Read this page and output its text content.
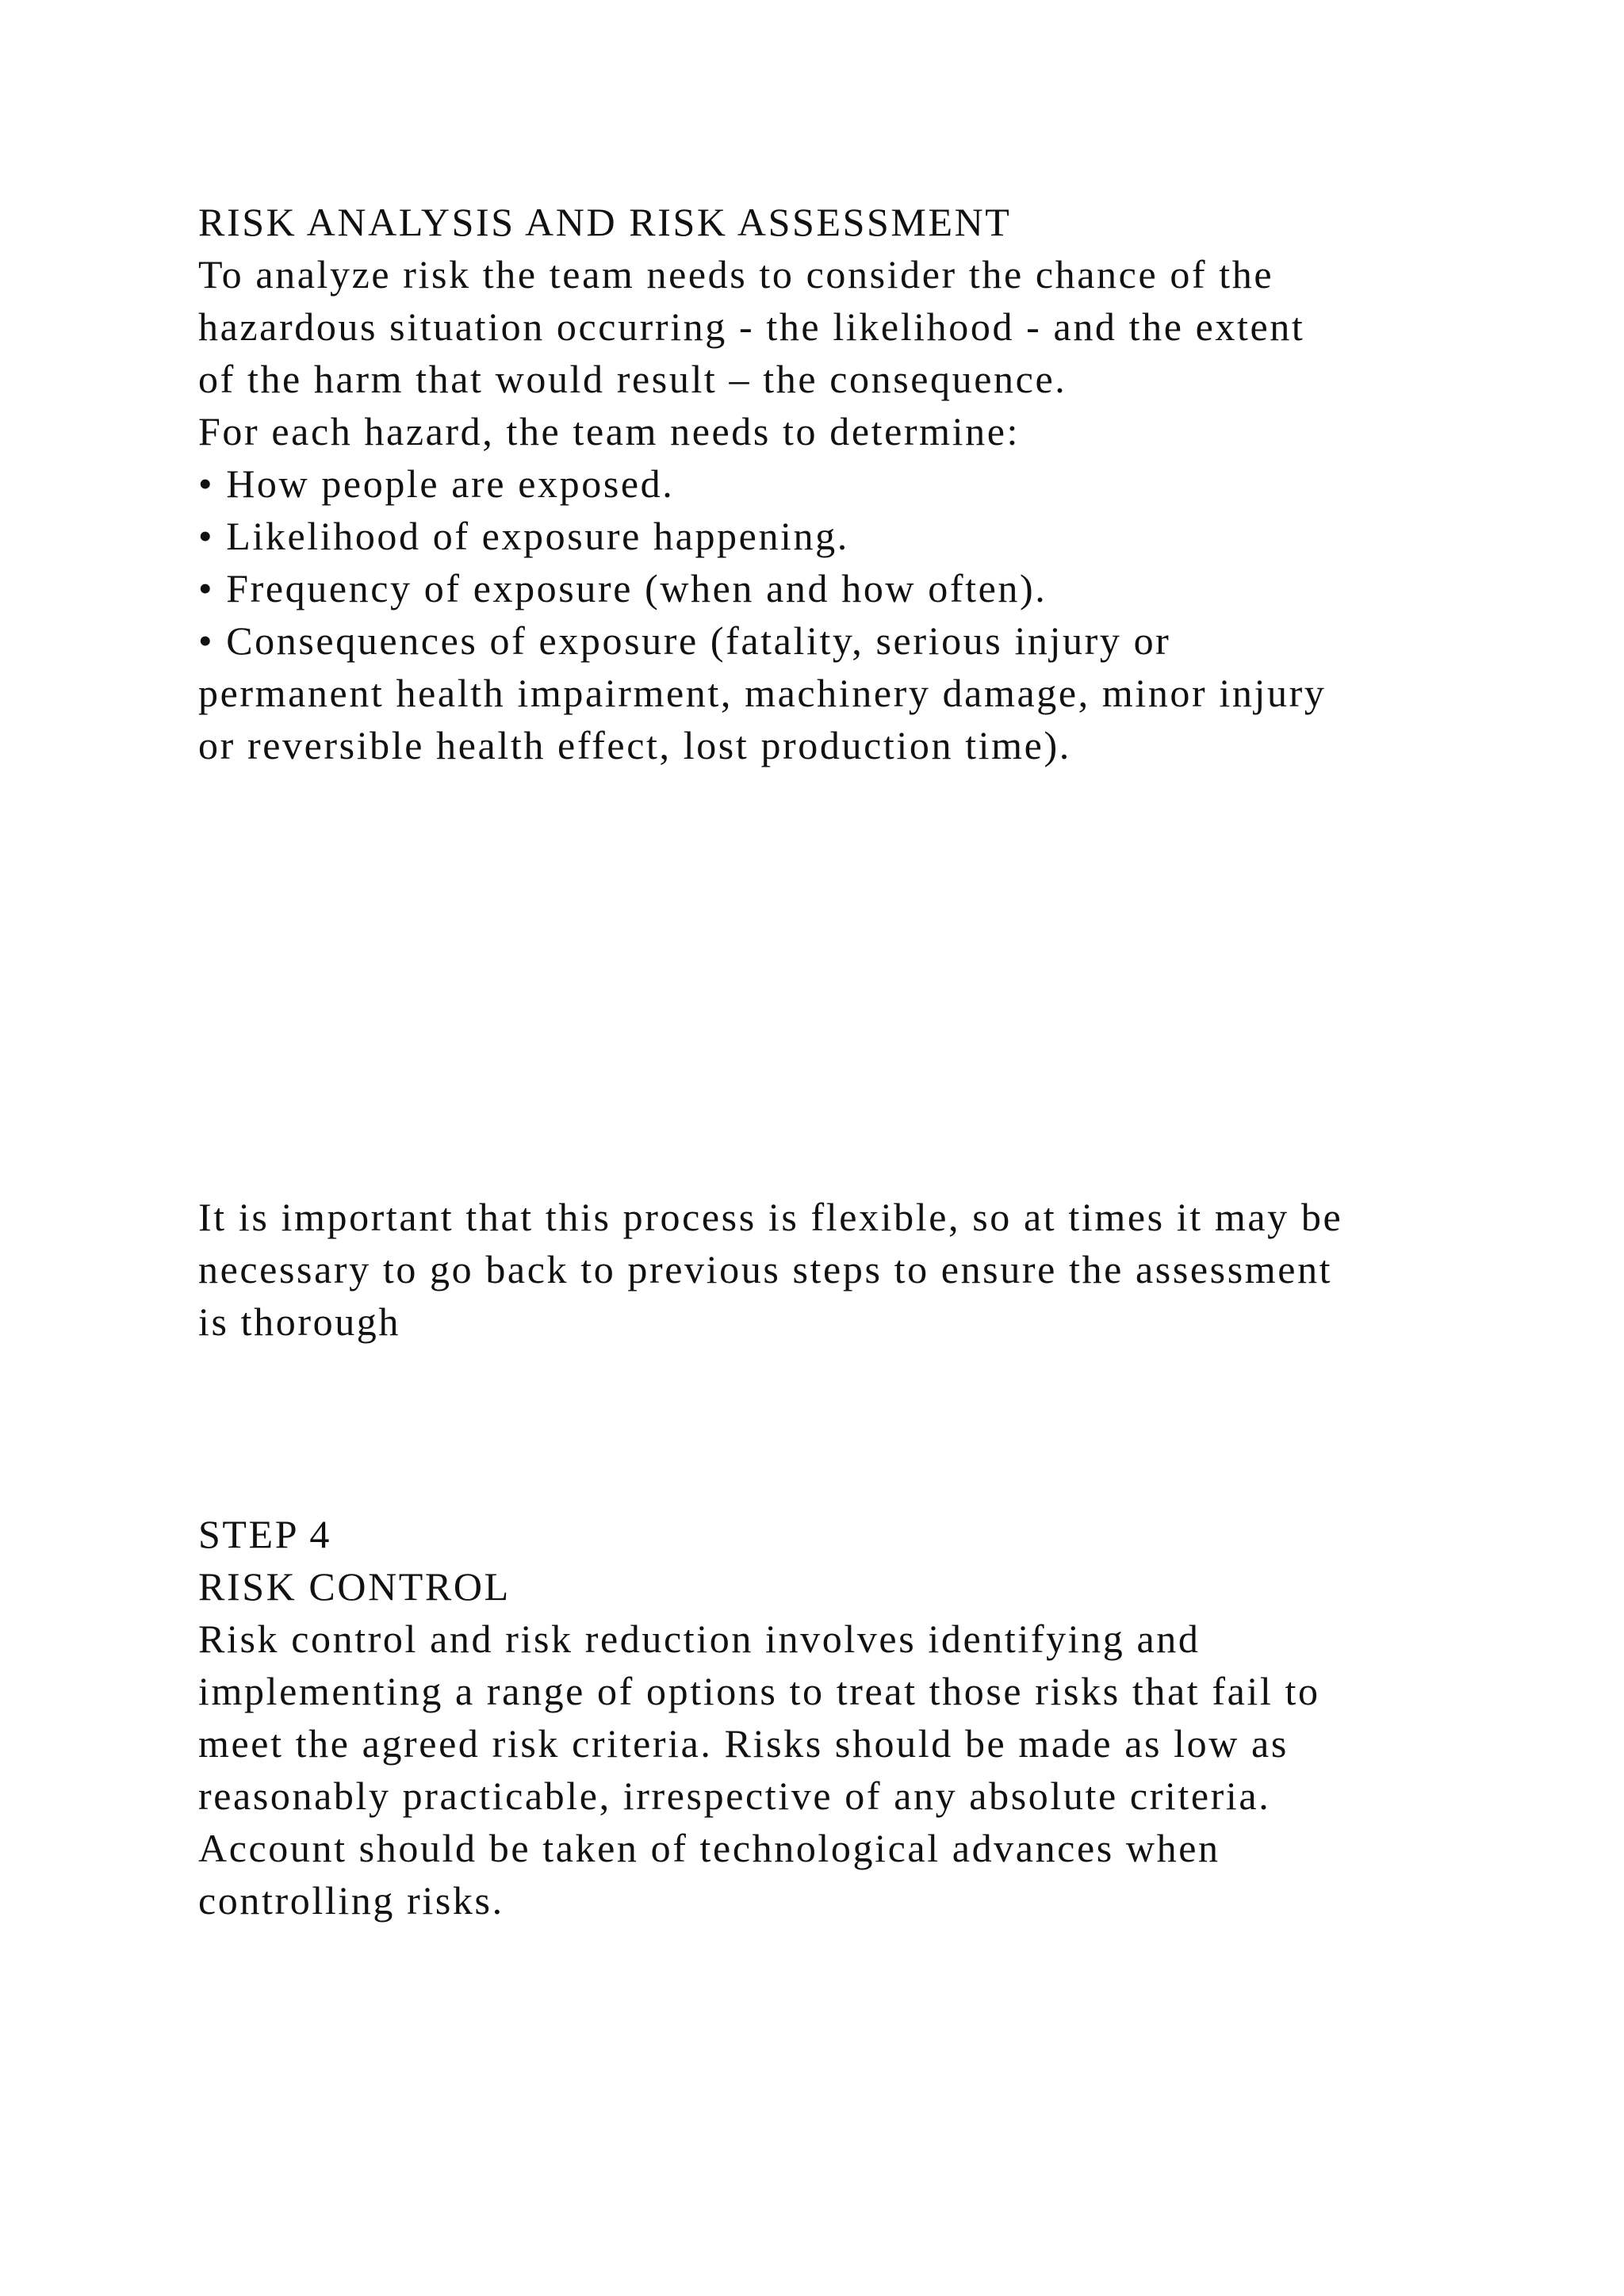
RISK ANALYSIS AND RISK ASSESSMENT

To analyze risk the team needs to consider the chance of the

hazardous situation occurring - the likelihood - and the extent

of the harm that would result – the consequence.

For each hazard, the team needs to determine:

• How people are exposed.

• Likelihood of exposure happening.

• Frequency of exposure (when and how often).

• Consequences of exposure (fatality, serious injury or

permanent health impairment, machinery damage, minor injury

or reversible health effect, lost production time).

It is important that this process is flexible, so at times it may be

necessary to go back to previous steps to ensure the assessment

is thorough

STEP 4
RISK CONTROL

Risk control and risk reduction involves identifying and

implementing a range of options to treat those risks that fail to

meet the agreed risk criteria. Risks should be made as low as

reasonably practicable, irrespective of any absolute criteria.

Account should be taken of technological advances when

controlling risks.
